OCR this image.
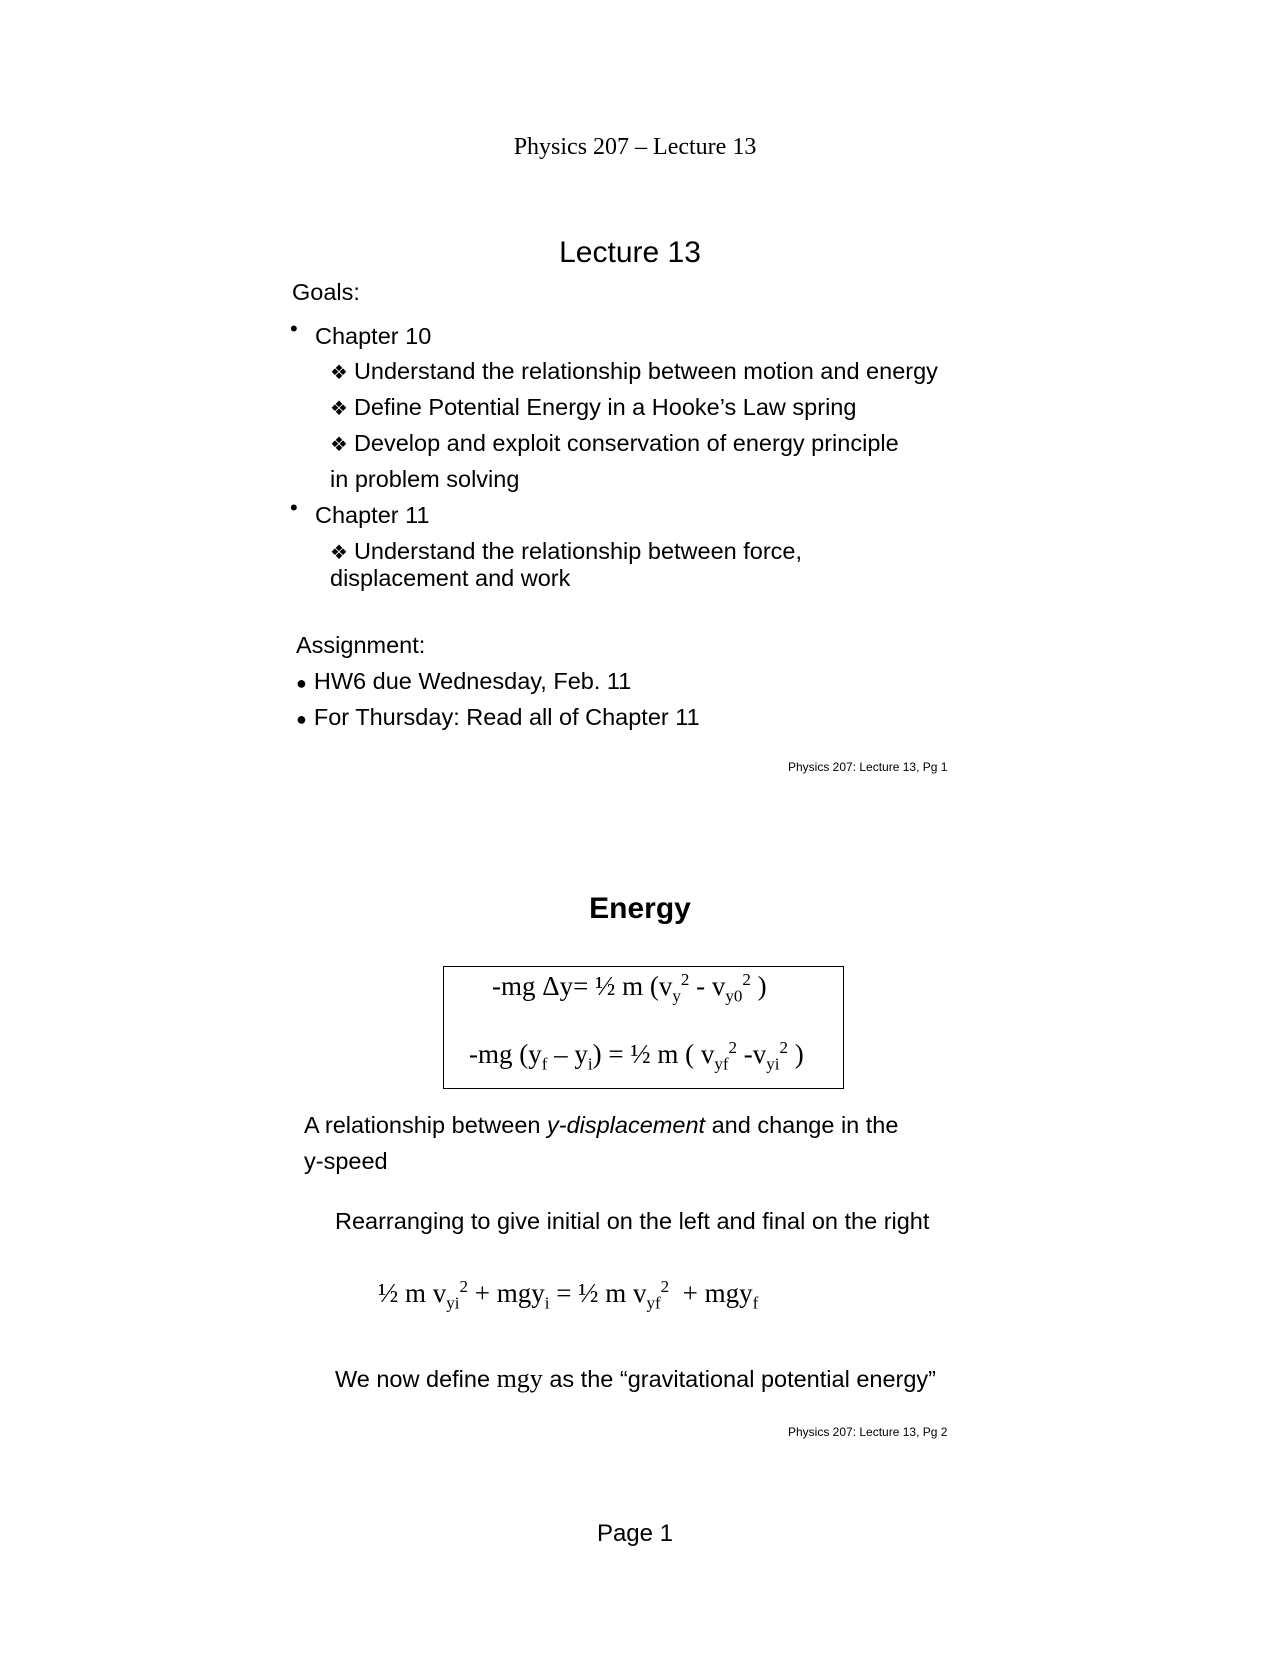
Physics 207 – Lecture 13
Lecture 13
Goals:
• Chapter 10
❖ Understand the relationship between motion and energy
❖ Define Potential Energy in a Hooke’s Law spring
❖ Develop and exploit conservation of energy principle
in problem solving
• Chapter 11
❖ Understand the relationship between force,
displacement and work
Assignment:
● HW6 due Wednesday, Feb. 11
● For Thursday: Read all of Chapter 11
Physics 207: Lecture 13, Pg 1
Energy
-mg Δy= ½ m ($v_y^2 - v_{y0}^2$ )
-mg $(y_f - y_i)$ = ½ m ( $v_{yf}^2$ $-v_{yi}^2$ )
A relationship between y-displacement and change in the
y-speed
Rearranging to give initial on the left and final on the right
½ m $v_{yi}^2 + mgy_i$ = ½ m $v_{yf}^2 + mgy_f$
We now define mgy as the “gravitational potential energy”
Physics 207: Lecture 13, Pg 2
Page 1
